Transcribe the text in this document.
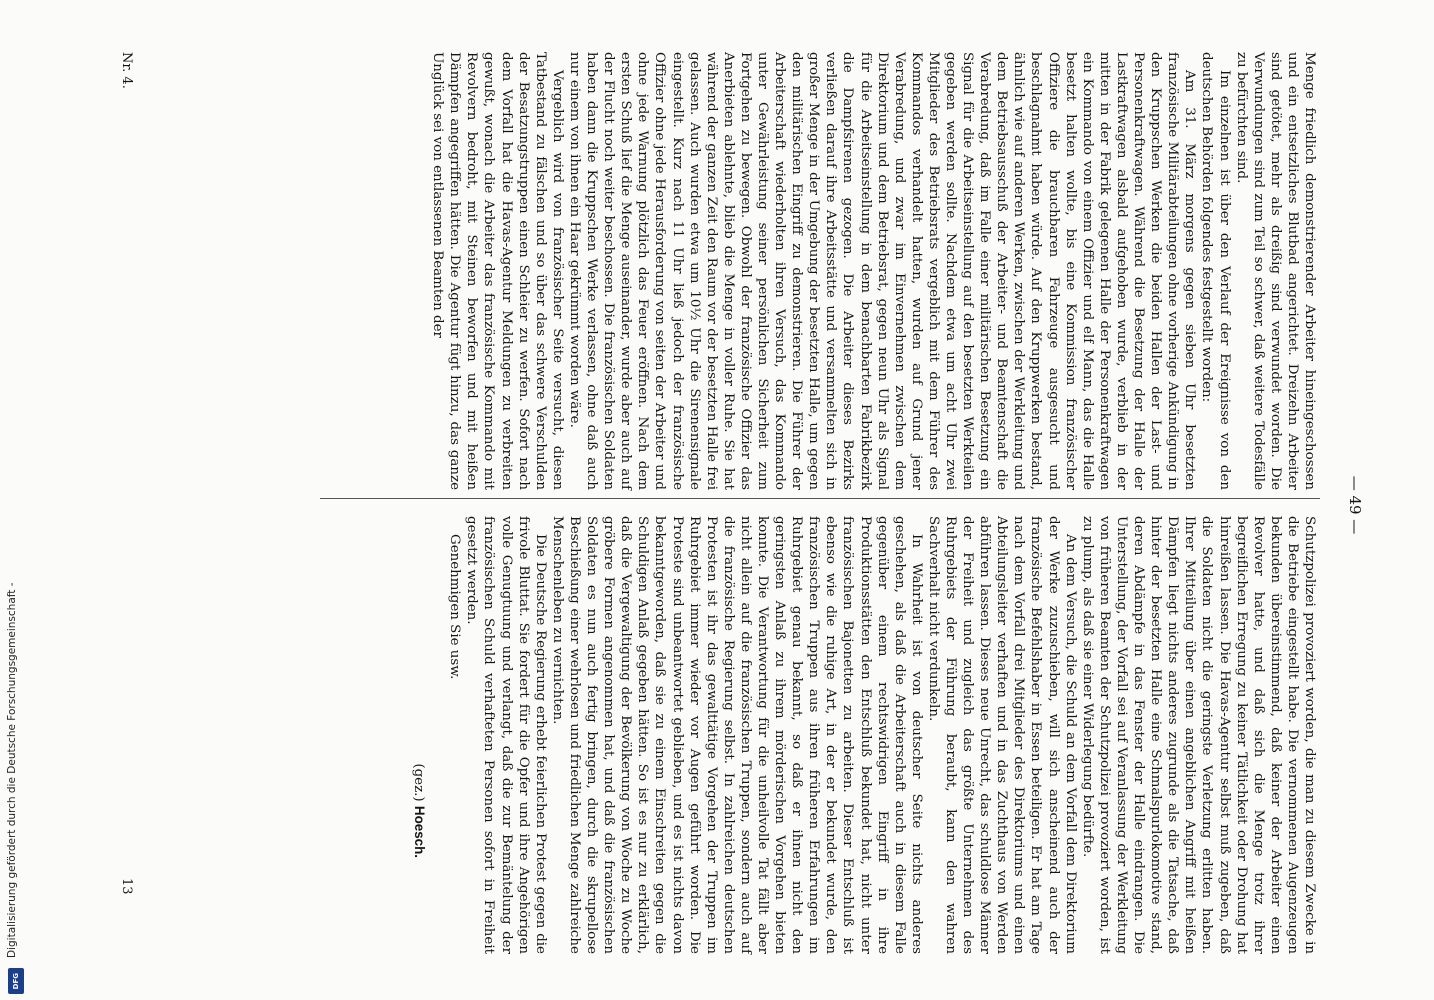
Digitalisierung gefördert durch die Deutsche Forschungsgemeinschaft -
DFG
— 49 —

Menge friedlich demonstrierender Arbeiter hineingeschossen und ein entsetzliches Blutbad angerichtet. Dreizehn Arbeiter sind getötet, mehr als dreißig sind verwundet worden. Die Verwundungen sind zum Teil so schwer, daß weitere Todesfälle zu befürchten sind.

Im einzelnen ist über den Verlauf der Ereignisse von den deutschen Behörden folgendes festgestellt worden:

Am 31. März morgens gegen sieben Uhr besetzten französische Militärabteilungen ohne vorherige Ankündigung in den Kruppschen Werken die beiden Hallen der Last- und Personenkraftwagen. Während die Besetzung der Halle der Lastkraftwagen alsbald aufgehoben wurde, verblieb in der mitten in der Fabrik gelegenen Halle der Personenkraftwagen ein Kommando von einem Offizier und elf Mann, das die Halle besetzt halten wollte, bis eine Kommission französischer Offiziere die brauchbaren Fahrzeuge ausgesucht und beschlagnahmt haben würde. Auf den Kruppwerken bestand, ähnlich wie auf anderen Werken, zwischen der Werkleitung und dem Betriebsausschuß der Arbeiter- und Beamtenschaft die Verabredung, daß im Falle einer militärischen Besetzung ein Signal für die Arbeitseinstellung auf den besetzten Werkteilen gegeben werden sollte. Nachdem etwa um acht Uhr zwei Mitglieder des Betriebsrats vergeblich mit dem Führer des Kommandos verhandelt hatten, wurden auf Grund jener Verabredung, und zwar im Einvernehmen zwischen dem Direktorium und dem Betriebsrat, gegen neun Uhr als Signal für die Arbeitseinstellung in dem benachbarten Fabrikbezirk die Dampfsirenen gezogen. Die Arbeiter dieses Bezirks verließen darauf ihre Arbeitsstätte und versammelten sich in großer Menge in der Umgebung der besetzten Halle, um gegen den militärischen Eingriff zu demonstrieren. Die Führer der Arbeiterschaft wiederholten ihren Versuch, das Kommando unter Gewährleistung seiner persönlichen Sicherheit zum Fortgehen zu bewegen. Obwohl der französische Offizier das Anerbieten ablehnte, blieb die Menge in voller Ruhe. Sie hat während der ganzen Zeit den Raum vor der besetzten Halle frei gelassen. Auch wurden etwa um 10½ Uhr die Sirenensignale eingestellt. Kurz nach 11 Uhr ließ jedoch der französische Offizier ohne jede Herausforderung von seiten der Arbeiter und ohne jede Warnung plötzlich das Feuer eröffnen. Nach dem ersten Schuß lief die Menge auseinander, wurde aber auch auf der Flucht noch weiter beschossen. Die französischen Soldaten haben dann die Kruppschen Werke verlassen, ohne daß auch nur einem von ihnen ein Haar gekrümmt worden wäre.

Vergeblich wird von französischer Seite versucht, diesen Tatbestand zu fälschen und so über das schwere Verschulden der Besatzungstruppen einen Schleier zu werfen. Sofort nach dem Vorfall hat die Havas-Agentur Meldungen zu verbreiten gewußt, wonach die Arbeiter das französische Kommando mit Revolvern bedroht, mit Steinen beworfen und mit heißen Dämpfen angegriffen hätten. Die Agentur fügt hinzu, das ganze Unglück sei von entlassenen Beamten der

Schutzpolizei provoziert worden, die man zu diesem Zwecke in die Betriebe eingestellt habe. Die vernommenen Augenzeugen bekunden übereinstimmend, daß keiner der Arbeiter einen Revolver hatte, und daß sich die Menge trotz ihrer begreiflichen Erregung zu keiner Tätlichkeit oder Drohung hat hinreißen lassen. Die Havas-Agentur selbst muß zugeben, daß die Soldaten nicht die geringste Verletzung erlitten haben. Ihrer Mitteilung über einen angeblichen Angriff mit heißen Dämpfen liegt nichts anderes zugrunde als die Tatsache, daß hinter der besetzten Halle eine Schmalspurlokomotive stand, deren Abdämpfe in das Fenster der Halle eindrangen. Die Unterstellung, der Vorfall sei auf Veranlassung der Werkleitung von früheren Beamten der Schutzpolizei provoziert worden, ist zu plump, als daß sie einer Widerlegung bedürfte.

An dem Versuch, die Schuld an dem Vorfall dem Direktorium der Werke zuzuschieben, will sich anscheinend auch der französische Befehlshaber in Essen beteiligen. Er hat am Tage nach dem Vorfall drei Mitglieder des Direktoriums und einen Abteilungsleiter verhaften und in das Zuchthaus von Werden abführen lassen. Dieses neue Unrecht, das schuldlose Männer der Freiheit und zugleich das größte Unternehmen des Ruhrgebiets der Führung beraubt, kann den wahren Sachverhalt nicht verdunkeln.

In Wahrheit ist von deutscher Seite nichts anderes geschehen, als daß die Arbeiterschaft auch in diesem Falle gegenüber einem rechtswidrigen Eingriff in ihre Produktionsstätten den Entschluß bekundet hat, nicht unter französischen Bajonetten zu arbeiten. Dieser Entschluß ist ebenso wie die ruhige Art, in der er bekundet wurde, den französischen Truppen aus ihren früheren Erfahrungen im Ruhrgebiet genau bekannt, so daß er ihnen nicht den geringsten Anlaß zu ihrem mörderischen Vorgehen bieten konnte. Die Verantwortung für die unheilvolle Tat fällt aber nicht allein auf die französischen Truppen, sondern auch auf die französische Regierung selbst. In zahlreichen deutschen Protesten ist ihr das gewalttätige Vorgehen der Truppen im Ruhrgebiet immer wieder vor Augen geführt worden. Die Proteste sind unbeantwortet geblieben, und es ist nichts davon bekanntgeworden, daß sie zu einem Einschreiten gegen die Schuldigen Anlaß gegeben hätten. So ist es nur zu erklärlich, daß die Vergewaltigung der Bevölkerung von Woche zu Woche gröbere Formen angenommen hat, und daß die französischen Soldaten es nun auch fertig bringen, durch die skrupellose Beschießung einer wehrlosen und friedlichen Menge zahlreiche Menschenleben zu vernichten.

Die Deutsche Regierung erhebt feierlichen Protest gegen die frivole Bluttat. Sie fordert für die Opfer und ihre Angehörigen volle Genugtuung und verlangt, daß die zur Bemäntelung der französischen Schuld verhafteten Personen sofort in Freiheit gesetzt werden.

Genehmigen Sie usw.

(gez.) Hoesch.
Nr. 4.
13
